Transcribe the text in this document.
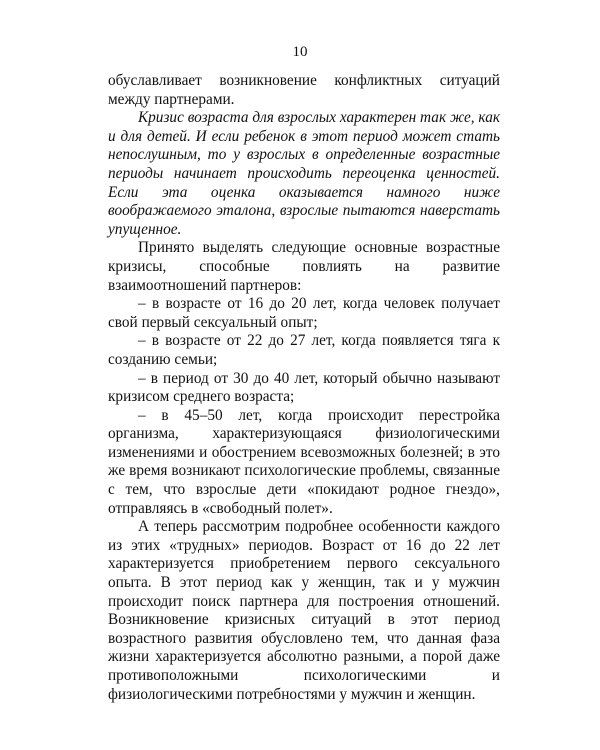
10

обуславливает возникновение конфликтных ситуаций между партнерами.

Кризис возраста для взрослых характерен так же, как и для детей. И если ребенок в этот период может стать непослушным, то у взрослых в определенные возрастные периоды начинает происходить переоценка ценностей. Если эта оценка оказывается намного ниже воображаемого эталона, взрослые пытаются наверстать упущенное.

Принято выделять следующие основные возрастные кризисы, способные повлиять на развитие взаимоотношений партнеров:

– в возрасте от 16 до 20 лет, когда человек получает свой первый сексуальный опыт;

– в возрасте от 22 до 27 лет, когда появляется тяга к созданию семьи;

– в период от 30 до 40 лет, который обычно называют кризисом среднего возраста;

– в 45–50 лет, когда происходит перестройка организма, характеризующаяся физиологическими изменениями и обострением всевозможных болезней; в это же время возникают психологические проблемы, связанные с тем, что взрослые дети «покидают родное гнездо», отправляясь в «свободный полет».

А теперь рассмотрим подробнее особенности каждого из этих «трудных» периодов. Возраст от 16 до 22 лет характеризуется приобретением первого сексуального опыта. В этот период как у женщин, так и у мужчин происходит поиск партнера для построения отношений. Возникновение кризисных ситуаций в этот период возрастного развития обусловлено тем, что данная фаза жизни характеризуется абсолютно разными, а порой даже противоположными психологическими и физиологическими потребностями у мужчин и женщин.
